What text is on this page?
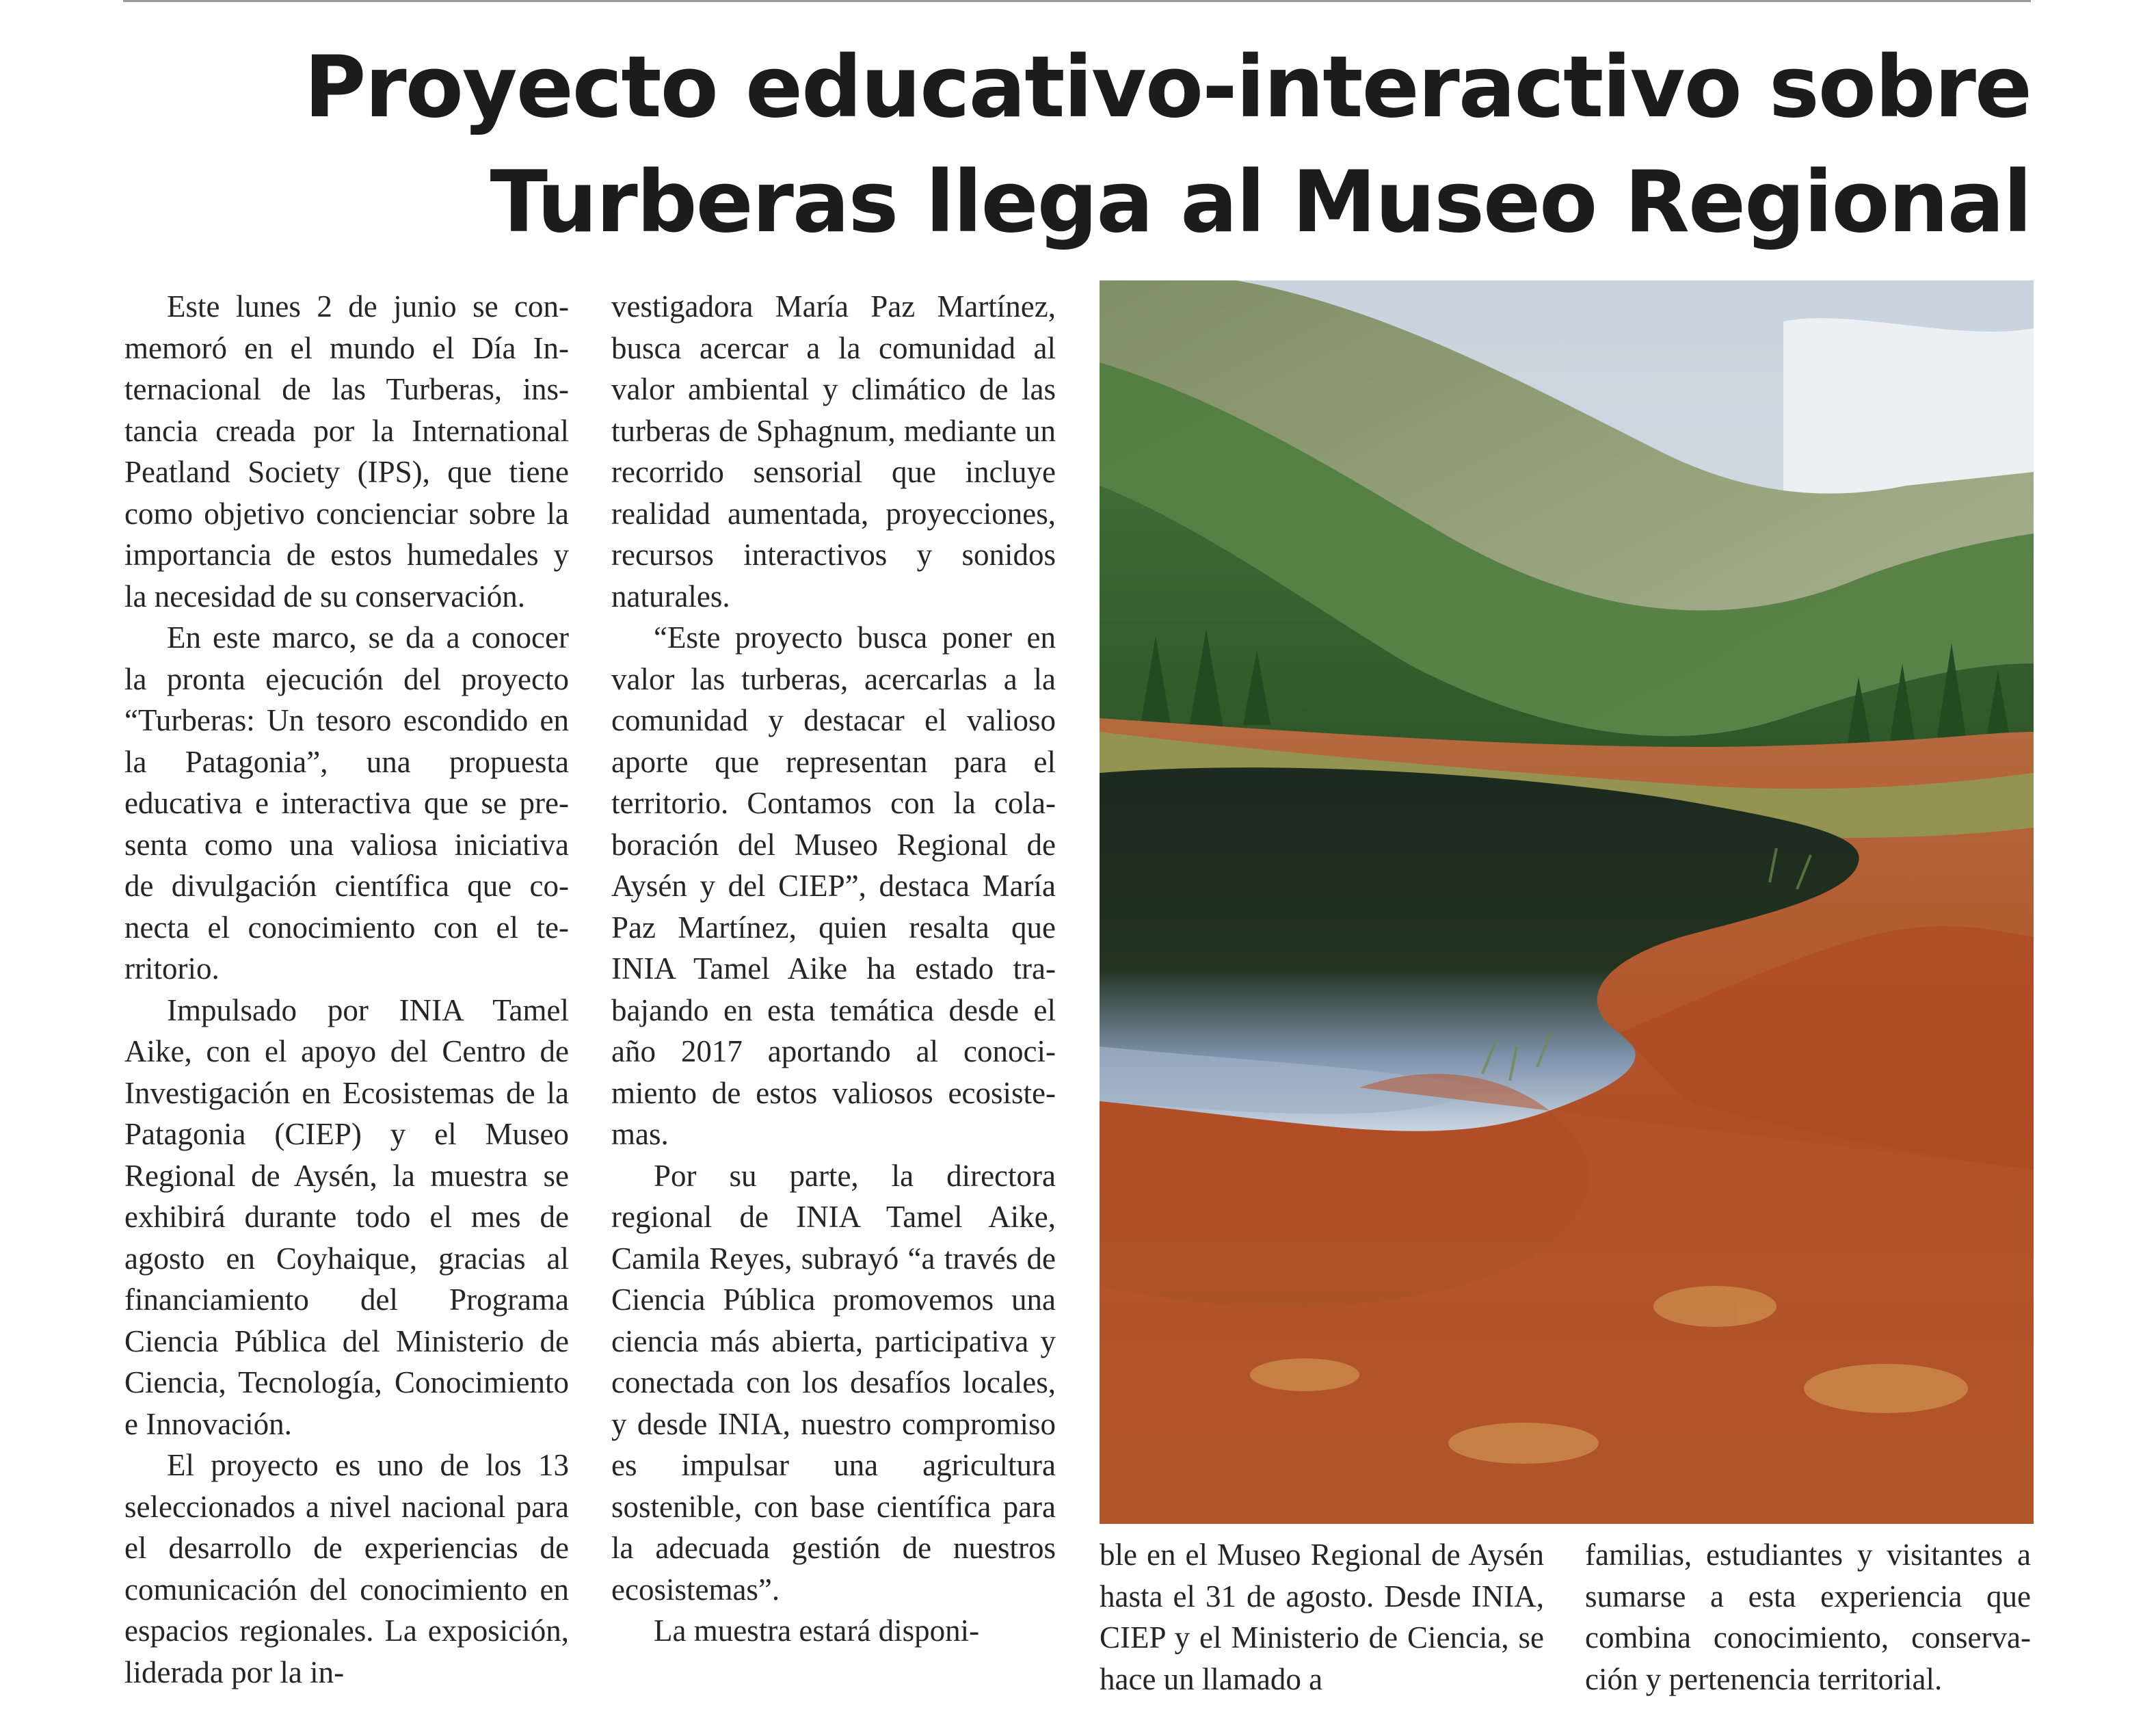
Proyecto educativo-interactivo sobre
Turberas llega al Museo Regional

Este lunes 2 de junio se conmemoró en el mundo el Día Internacional de las Turberas, instancia creada por la International Peatland Society (IPS), que tiene como objetivo concienciar sobre la importancia de estos humedales y la necesidad de su conservación.

En este marco, se da a conocer la pronta ejecución del proyecto “Turberas: Un tesoro escondido en la Patagonia”, una propuesta educativa e interactiva que se presenta como una valiosa iniciativa de divulgación científica que conecta el conocimiento con el territorio.

Impulsado por INIA Tamel Aike, con el apoyo del Centro de Investigación en Ecosistemas de la Patagonia (CIEP) y el Museo Regional de Aysén, la muestra se exhibirá durante todo el mes de agosto en Coyhaique, gracias al financiamiento del Programa Ciencia Pública del Ministerio de Ciencia, Tecnología, Conocimiento e Innovación.

El proyecto es uno de los 13 seleccionados a nivel nacional para el desarrollo de experiencias de comunicación del conocimiento en espacios regionales. La exposición, liderada por la in-

vestigadora María Paz Martínez, busca acercar a la comunidad al valor ambiental y climático de las turberas de Sphagnum, mediante un recorrido sensorial que incluye realidad aumentada, proyecciones, recursos interactivos y sonidos naturales.

“Este proyecto busca poner en valor las turberas, acercarlas a la comunidad y destacar el valioso aporte que representan para el territorio. Contamos con la colaboración del Museo Regional de Aysén y del CIEP”, destaca María Paz Martínez, quien resalta que INIA Tamel Aike ha estado trabajando en esta temática desde el año 2017 aportando al conocimiento de estos valiosos ecosistemas.

Por su parte, la directora regional de INIA Tamel Aike, Camila Reyes, subrayó “a través de Ciencia Pública promovemos una ciencia más abierta, participativa y conectada con los desafíos locales, y desde INIA, nuestro compromiso es impulsar una agricultura sostenible, con base científica para la adecuada gestión de nuestros ecosistemas”.

La muestra estará disponi-

ble en el Museo Regional de Aysén hasta el 31 de agosto. Desde INIA, CIEP y el Ministerio de Ciencia, se hace un llamado a

familias, estudiantes y visitantes a sumarse a esta experiencia que combina conocimiento, conservación y pertenencia territorial.
